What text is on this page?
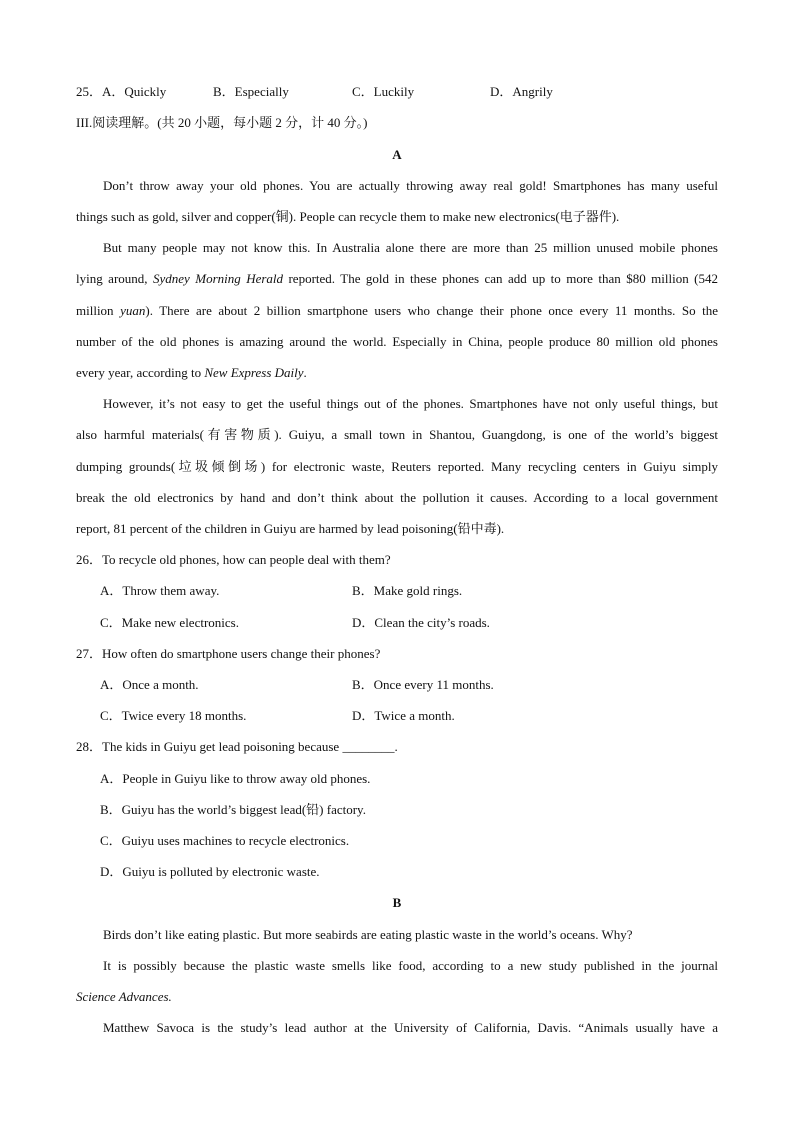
25．A．Quickly	B．Especially	C．Luckily	D．Angrily
III.阅读理解。(共 20 小题，每小题 2 分，计 40 分。)
A
Don’t throw away your old phones. You are actually throwing away real gold! Smartphones has many useful
things such as gold, silver and copper(铜). People can recycle them to make new electronics(电子器件).
But many people may not know this. In Australia alone there are more than 25 million unused mobile phones
lying around, Sydney Morning Herald reported. The gold in these phones can add up to more than $80 million (542
million yuan). There are about 2 billion smartphone users who change their phone once every 11 months. So the
number of the old phones is amazing around the world. Especially in China, people produce 80 million old phones
every year, according to New Express Daily.
However, it’s not easy to get the useful things out of the phones. Smartphones have not only useful things, but
also harmful materials(有害物质). Guiyu, a small town in Shantou, Guangdong, is one of the world’s biggest
dumping grounds(垃圾倾倒场) for electronic waste, Reuters reported. Many recycling centers in Guiyu simply
break the old electronics by hand and don’t think about the pollution it causes. According to a local government
report, 81 percent of the children in Guiyu are harmed by lead poisoning(铅中毒).
26．To recycle old phones, how can people deal with them?
A．Throw them away.	B．Make gold rings.
C．Make new electronics.	D．Clean the city’s roads.
27．How often do smartphone users change their phones?
A．Once a month.	B．Once every 11 months.
C．Twice every 18 months.	D．Twice a month.
28．The kids in Guiyu get lead poisoning because ________.
A．People in Guiyu like to throw away old phones.
B．Guiyu has the world’s biggest lead(铅) factory.
C．Guiyu uses machines to recycle electronics.
D．Guiyu is polluted by electronic waste.
B
Birds don’t like eating plastic. But more seabirds are eating plastic waste in the world’s oceans. Why?
It is possibly because the plastic waste smells like food, according to a new study published in the journal
Science Advances.
Matthew Savoca is the study’s lead author at the University of California, Davis. “Animals usually have a
